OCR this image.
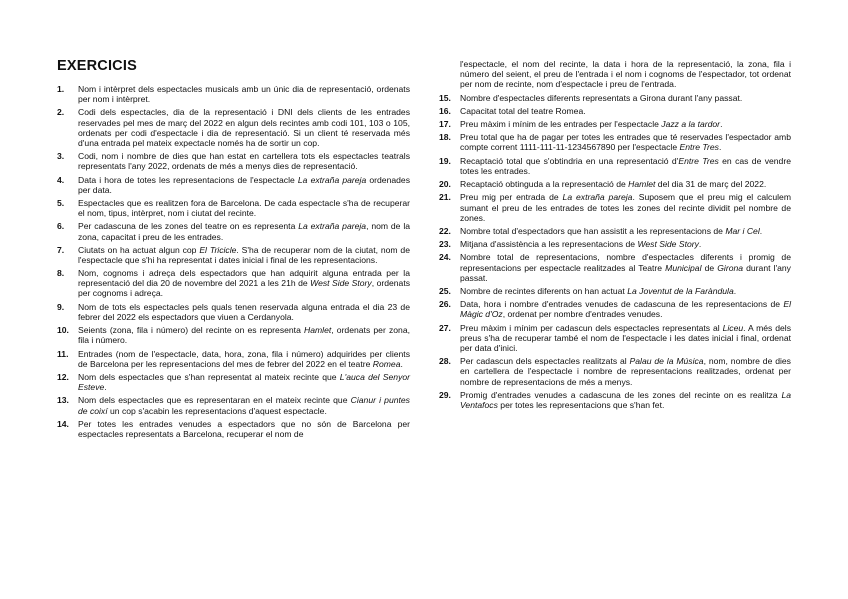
EXERCICIS
1. Nom i intèrpret dels espectacles musicals amb un únic dia de representació, ordenats per nom i intèrpret.
2. Codi dels espectacles, dia de la representació i DNI dels clients de les entrades reservades pel mes de març del 2022 en algun dels recintes amb codi 101, 103 o 105, ordenats per codi d'espectacle i dia de representació. Si un client té reservada més d'una entrada pel mateix expectacle només ha de sortir un cop.
3. Codi, nom i nombre de dies que han estat en cartellera tots els espectacles teatrals representats l'any 2022, ordenats de més a menys dies de representació.
4. Data i hora de totes les representacions de l'espectacle La extraña pareja ordenades per data.
5. Espectacles que es realitzen fora de Barcelona. De cada espectacle s'ha de recuperar el nom, tipus, intèrpret, nom i ciutat del recinte.
6. Per cadascuna de les zones del teatre on es representa La extraña pareja, nom de la zona, capacitat i preu de les entrades.
7. Ciutats on ha actuat algun cop El Tricicle. S'ha de recuperar nom de la ciutat, nom de l'espectacle que s'hi ha representat i dates inicial i final de les representacions.
8. Nom, cognoms i adreça dels espectadors que han adquirit alguna entrada per la representació del dia 20 de novembre del 2021 a les 21h de West Side Story, ordenats per cognoms i adreça.
9. Nom de tots els espectacles pels quals tenen reservada alguna entrada el dia 23 de febrer del 2022 els espectadors que viuen a Cerdanyola.
10. Seients (zona, fila i número) del recinte on es representa Hamlet, ordenats per zona, fila i número.
11. Entrades (nom de l'espectacle, data, hora, zona, fila i número) adquirides per clients de Barcelona per les representacions del mes de febrer del 2022 en el teatre Romea.
12. Nom dels espectacles que s'han representat al mateix recinte que L'auca del Senyor Esteve.
13. Nom dels espectacles que es representaran en el mateix recinte que Cianur i puntes de coixí un cop s'acabin les representacions d'aquest espectacle.
14. Per totes les entrades venudes a espectadors que no són de Barcelona per espectacles representats a Barcelona, recuperar el nom de
l'espectacle, el nom del recinte, la data i hora de la representació, la zona, fila i número del seient, el preu de l'entrada i el nom i cognoms de l'espectador, tot ordenat per nom de recinte, nom d'espectacle i preu de l'entrada.
15. Nombre d'espectacles diferents representats a Girona durant l'any passat.
16. Capacitat total del teatre Romea.
17. Preu màxim i mínim de les entrades per l'espectacle Jazz a la tardor.
18. Preu total que ha de pagar per totes les entrades que té reservades l'espectador amb compte corrent 1111-111-11-1234567890 per l'espectacle Entre Tres.
19. Recaptació total que s'obtindria en una representació d'Entre Tres en cas de vendre totes les entrades.
20. Recaptació obtinguda a la representació de Hamlet del dia 31 de març del 2022.
21. Preu mig per entrada de La extraña pareja. Suposem que el preu mig el calculem sumant el preu de les entrades de totes les zones del recinte dividit pel nombre de zones.
22. Nombre total d'espectadors que han assistit a les representacions de Mar i Cel.
23. Mitjana d'assistència a les representacions de West Side Story.
24. Nombre total de representacions, nombre d'espectacles diferents i promig de representacions per espectacle realitzades al Teatre Municipal de Girona durant l'any passat.
25. Nombre de recintes diferents on han actuat La Joventut de la Faràndula.
26. Data, hora i nombre d'entrades venudes de cadascuna de les representacions de El Màgic d'Oz, ordenat per nombre d'entrades venudes.
27. Preu màxim i mínim per cadascun dels espectacles representats al Liceu. A més dels preus s'ha de recuperar també el nom de l'espectacle i les dates inicial i final, ordenat per data d'inici.
28. Per cadascun dels espectacles realitzats al Palau de la Música, nom, nombre de dies en cartellera de l'espectacle i nombre de representacions realitzades, ordenat per nombre de representacions de més a menys.
29. Promig d'entrades venudes a cadascuna de les zones del recinte on es realitza La Ventafocs per totes les representacions que s'han fet.
